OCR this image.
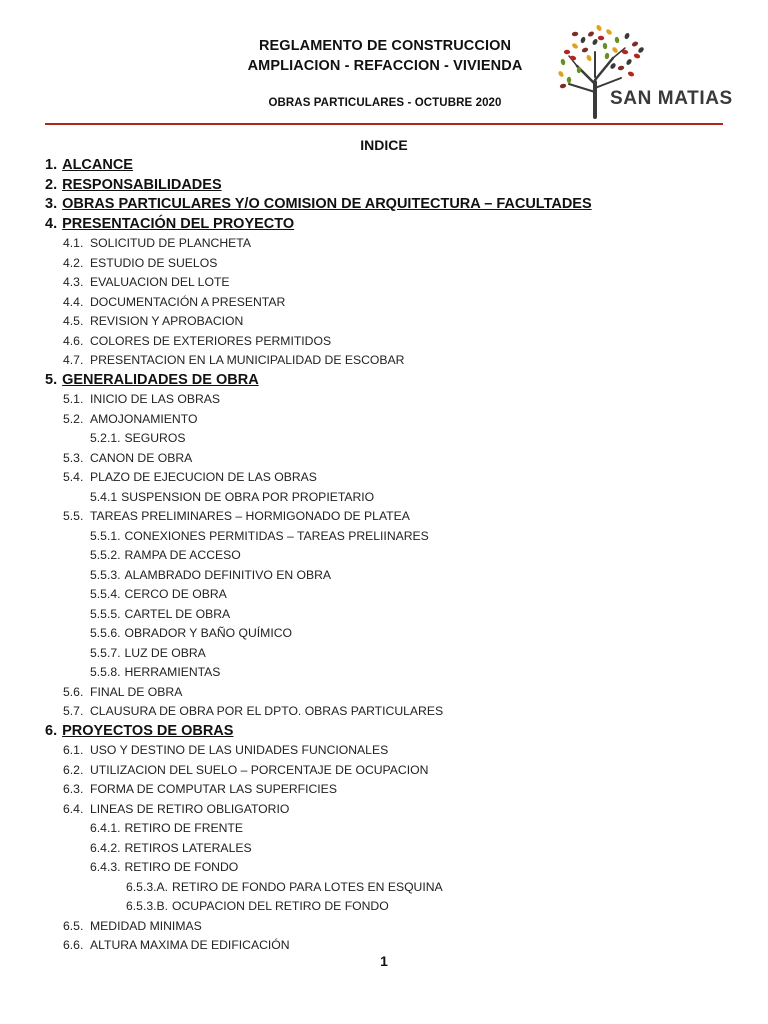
REGLAMENTO DE CONSTRUCCION
AMPLIACION - REFACCION - VIVIENDA
OBRAS PARTICULARES - OCTUBRE 2020	SAN MATIAS
INDICE
1. ALCANCE
2. RESPONSABILIDADES
3. OBRAS PARTICULARES Y/O COMISION DE ARQUITECTURA – FACULTADES
4. PRESENTACIÓN DEL PROYECTO
4.1. SOLICITUD DE PLANCHETA
4.2. ESTUDIO DE SUELOS
4.3. EVALUACION DEL LOTE
4.4. DOCUMENTACIÓN A PRESENTAR
4.5. REVISION Y APROBACION
4.6. COLORES DE EXTERIORES PERMITIDOS
4.7. PRESENTACION EN LA MUNICIPALIDAD DE ESCOBAR
5. GENERALIDADES DE OBRA
5.1. INICIO DE LAS OBRAS
5.2. AMOJONAMIENTO
5.2.1. SEGUROS
5.3. CANON DE OBRA
5.4. PLAZO DE EJECUCION DE LAS OBRAS
5.4.1 SUSPENSION DE OBRA POR PROPIETARIO
5.5. TAREAS PRELIMINARES – HORMIGONADO DE PLATEA
5.5.1. CONEXIONES PERMITIDAS – TAREAS PRELIINARES
5.5.2. RAMPA DE ACCESO
5.5.3. ALAMBRADO DEFINITIVO EN OBRA
5.5.4. CERCO DE OBRA
5.5.5. CARTEL DE OBRA
5.5.6. OBRADOR Y BAÑO QUÍMICO
5.5.7. LUZ DE OBRA
5.5.8. HERRAMIENTAS
5.6. FINAL DE OBRA
5.7. CLAUSURA DE OBRA POR EL DPTO. OBRAS PARTICULARES
6. PROYECTOS DE OBRAS
6.1. USO Y DESTINO DE LAS UNIDADES FUNCIONALES
6.2. UTILIZACION DEL SUELO – PORCENTAJE DE OCUPACION
6.3. FORMA DE COMPUTAR LAS SUPERFICIES
6.4. LINEAS DE RETIRO OBLIGATORIO
6.4.1. RETIRO DE FRENTE
6.4.2. RETIROS LATERALES
6.4.3. RETIRO DE FONDO
6.5.3.A. RETIRO DE FONDO PARA LOTES EN ESQUINA
6.5.3.B. OCUPACION DEL RETIRO DE FONDO
6.5. MEDIDAD MINIMAS
6.6. ALTURA MAXIMA DE EDIFICACIÓN
1
